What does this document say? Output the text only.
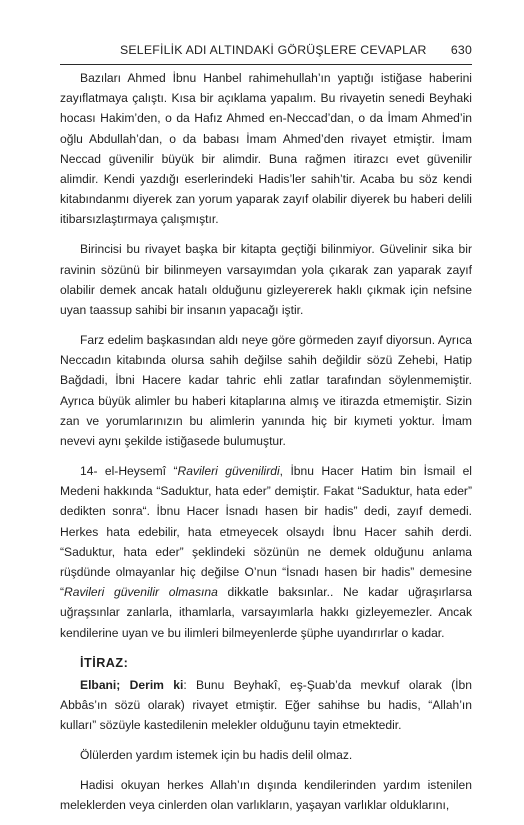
SELEFİLİK ADI ALTINDAKİ GÖRÜŞLERE CEVAPLAR 630

Bazıları Ahmed İbnu Hanbel rahimehullah’ın yaptığı istiğase haberini zayıflatmaya çalıştı. Kısa bir açıklama yapalım. Bu rivayetin senedi Beyhaki hocası Hakim’den, o da Hafız Ahmed en-Neccad’dan, o da İmam Ahmed’in oğlu Abdullah’dan, o da babası İmam Ahmed’den rivayet etmiştir. İmam Neccad güvenilir büyük bir alimdir. Buna rağmen itirazcı evet güvenilir alimdir. Kendi yazdığı eserlerindeki Hadis’ler sahih’tir. Acaba bu söz kendi kitabındanmı diyerek zan yorum yaparak zayıf olabilir diyerek bu haberi delili itibarsızlaştırmaya çalışmıştır.

Birincisi bu rivayet başka bir kitapta geçtiği bilinmiyor. Güvelinir sika bir ravinin sözünü bir bilinmeyen varsayımdan yola çıkarak zan yaparak zayıf olabilir demek ancak hatalı olduğunu gizleyererek haklı çıkmak için nefsine uyan taassup sahibi bir insanın yapacağı iştir.

Farz edelim başkasından aldı neye göre görmeden zayıf diyorsun. Ayrıca Neccadın kitabında olursa sahih değilse sahih değildir sözü Zehebi, Hatip Bağdadi, İbni Hacere kadar tahric ehli zatlar tarafından söylenmemiştir. Ayrıca büyük alimler bu haberi kitaplarına almış ve itirazda etmemiştir. Sizin zan ve yorumlarınızın bu alimlerin yanında hiç bir kıymeti yoktur. İmam nevevi aynı şekilde istiğasede bulumuştur.

14- el-Heysemî “Ravileri güvenilirdi, İbnu Hacer Hatim bin İsmail el Medeni hakkında “Saduktur, hata eder” demiştir. Fakat “Saduktur, hata eder” dedikten sonra“. İbnu Hacer İsnadı hasen bir hadis” dedi, zayıf demedi. Herkes hata edebilir, hata etmeyecek olsaydı İbnu Hacer sahih derdi. “Saduktur, hata eder” şeklindeki sözünün ne demek olduğunu anlama rüşdünde olmayanlar hiç değilse O’nun “İsnadı hasen bir hadis” demesine “Ravileri güvenilir olmasına dikkatle baksınlar.. Ne kadar uğraşırlarsa uğraşsınlar zanlarla, ithamlarla, varsayımlarla hakkı gizleyemezler. Ancak kendilerine uyan ve bu ilimleri bilmeyenlerde şüphe uyandırırlar o kadar.

İTİRAZ:

Elbani; Derim ki: Bunu Beyhakî, eş-Şuab’da mevkuf olarak (İbn Abbâs’ın sözü olarak) rivayet etmiştir. Eğer sahihse bu hadis, “Allah’ın kulları” sözüyle kastedilenin melekler olduğunu tayin etmektedir.

Ölülerden yardım istemek için bu hadis delil olmaz.

Hadisi okuyan herkes Allah’ın dışında kendilerinden yardım istenilen meleklerden veya cinlerden olan varlıkların, yaşayan varlıklar olduklarını,
